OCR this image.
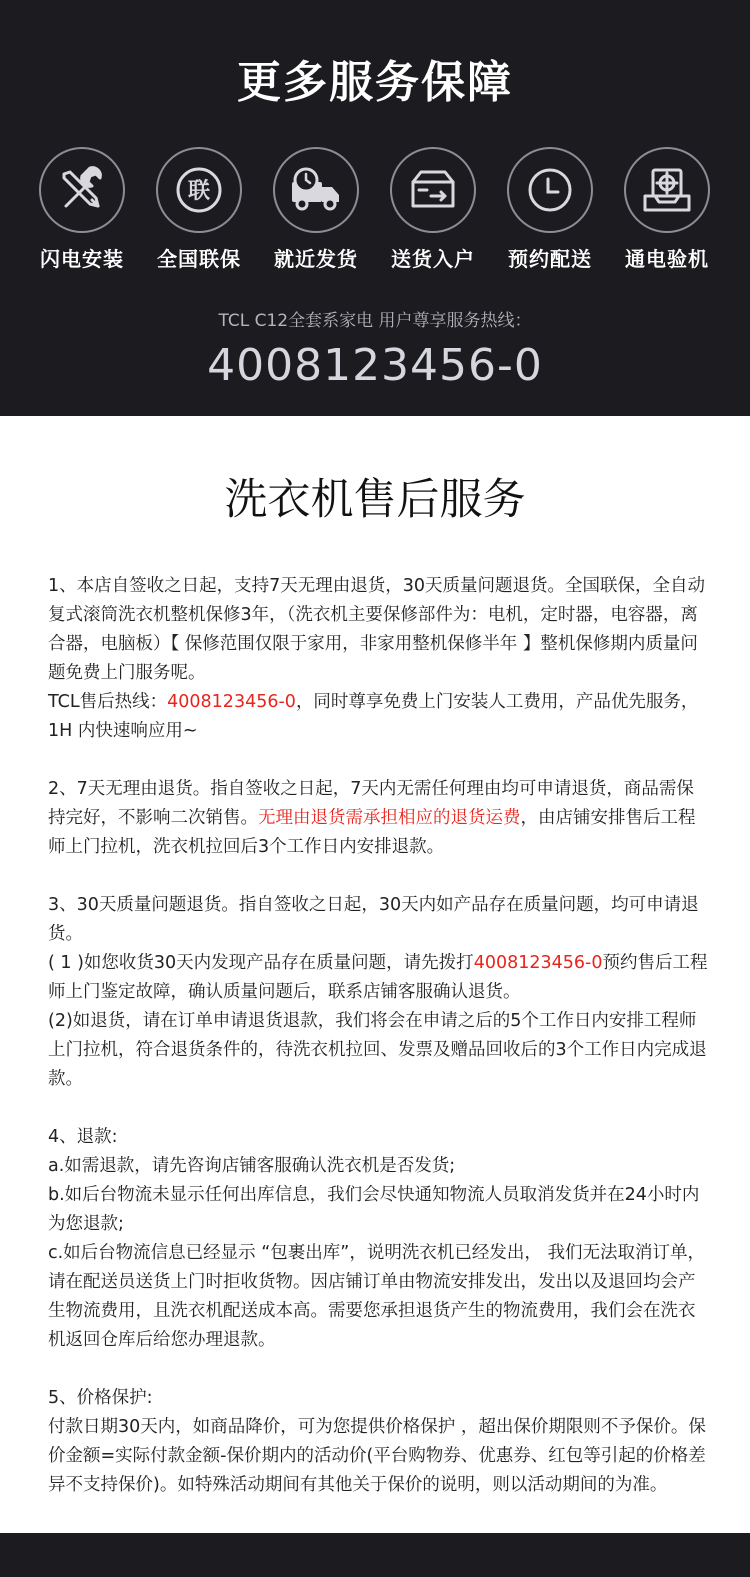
更多服务保障
闪电安装
联
全国联保	就近发货	送货入户	预约配送	通电验机
TCL C12全套系家电 用户尊享服务热线：
4008123456-0
洗衣机售后服务

1、本店自签收之日起，支持7天无理由退货，30天质量问题退货。全国联保，全自动复式滚筒洗衣机整机保修3年，（洗衣机主要保修部件为：电机，定时器，电容器，离合器，电脑板）【 保修范围仅限于家用，非家用整机保修半年 】整机保修期内质量问题免费上门服务呢。

TCL售后热线：4008123456-0，同时尊享免费上门安装人工费用，产品优先服务，1H 内快速响应用~

2、7天无理由退货。指自签收之日起，7天内无需任何理由均可申请退货，商品需保持完好，不影响二次销售。无理由退货需承担相应的退货运费，由店铺安排售后工程师上门拉机，洗衣机拉回后3个工作日内安排退款。

3、30天质量问题退货。指自签收之日起，30天内如产品存在质量问题，均可申请退货。

( 1 )如您收货30天内发现产品存在质量问题，请先拨打4008123456-0预约售后工程师上门鉴定故障，确认质量问题后，联系店铺客服确认退货。

(2)如退货，请在订单申请退货退款，我们将会在申请之后的5个工作日内安排工程师上门拉机，符合退货条件的，待洗衣机拉回、发票及赠品回收后的3个工作日内完成退款。

4、退款:

a.如需退款，请先咨询店铺客服确认洗衣机是否发货;

b.如后台物流未显示任何出库信息，我们会尽快通知物流人员取消发货并在24小时内为您退款;

c.如后台物流信息已经显示 “包裹出库”，说明洗衣机已经发出， 我们无法取消订单，请在配送员送货上门时拒收货物。因店铺订单由物流安排发出，发出以及退回均会产生物流费用，且洗衣机配送成本高。需要您承担退货产生的物流费用，我们会在洗衣机返回仓库后给您办理退款。

5、价格保护:

付款日期30天内，如商品降价，可为您提供价格保护 ，超出保价期限则不予保价。保价金额=实际付款金额-保价期内的活动价(平台购物券、优惠券、红包等引起的价格差异不支持保价)。如特殊活动期间有其他关于保价的说明，则以活动期间的为准。
